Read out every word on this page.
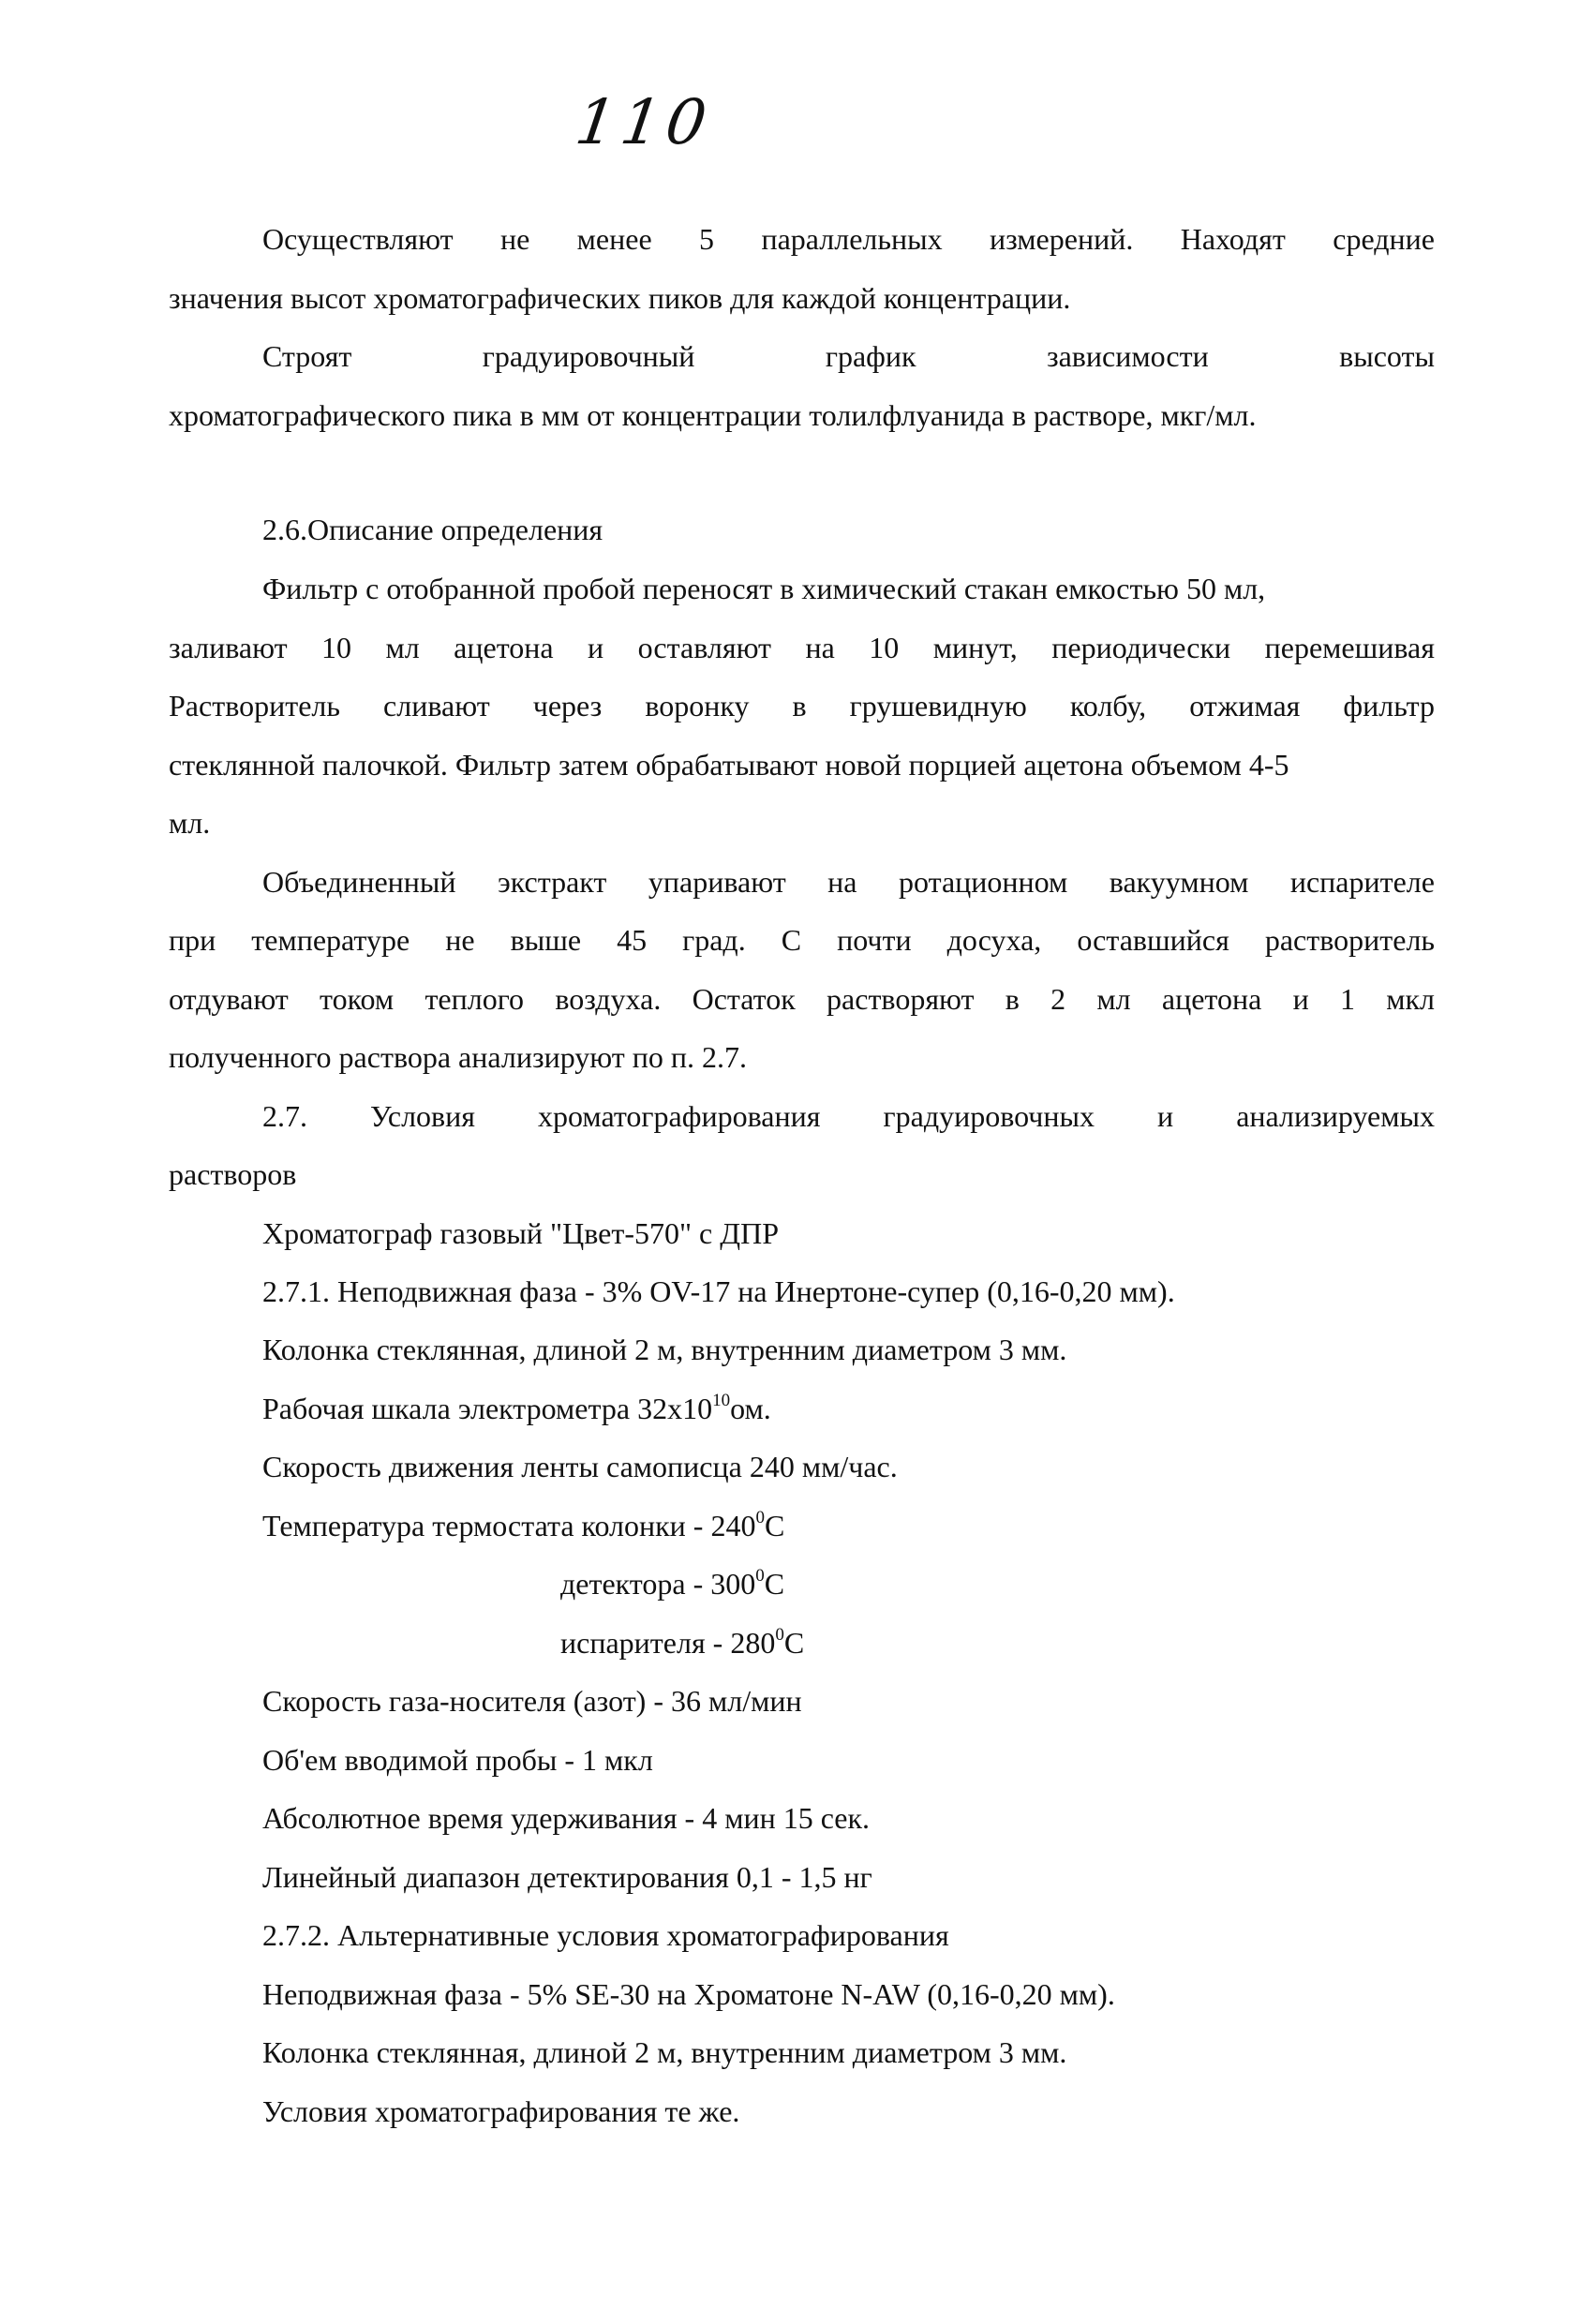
110
Осуществляют не менее 5 параллельных измерений. Находят средние
значения высот хроматографических пиков для каждой концентрации.
Строят	градуировочный	график	зависимости	высоты
хроматографического пика в мм от концентрации толилфлуанида в растворе, мкг/мл.
2.6.Описание определения
Фильтр с отобранной пробой переносят в химический стакан емкостью 50 мл,
заливают 10 мл ацетона и оставляют на 10 минут, периодически перемешивая
Растворитель сливают через воронку в грушевидную колбу, отжимая фильтр
стеклянной палочкой. Фильтр затем обрабатывают новой порцией ацетона объемом 4-5
мл.
Объединенный экстракт упаривают на ротационном вакуумном испарителе
при температуре не выше 45 град. С почти досуха, оставшийся растворитель
отдувают током теплого воздуха. Остаток растворяют в 2 мл ацетона и 1 мкл
полученного раствора анализируют по п. 2.7.
2.7. Условия хроматографирования градуировочных и анализируемых
растворов
Хроматограф газовый "Цвет-570" с ДПР
2.7.1. Неподвижная фаза - 3% OV-17 на Инертоне-супер (0,16-0,20 мм).
Колонка стеклянная, длиной 2 м, внутренним диаметром 3 мм.
Рабочая шкала электрометра $32х10^{10}ом$.
Скорость движения ленты самописца 240 мм/час.
Температура термостата колонки - $240^0С$
детектора - $300^0С$
испарителя - $280^0С$
Скорость газа-носителя (азот) - 36 мл/мин
Об'ем вводимой пробы - 1 мкл
Абсолютное время удерживания - 4 мин 15 сек.
Линейный диапазон детектирования 0,1 - 1,5 нг
2.7.2. Альтернативные условия хроматографирования
Неподвижная фаза - 5% SE-30 на Хроматоне N-AW (0,16-0,20 мм).
Колонка стеклянная, длиной 2 м, внутренним диаметром 3 мм.
Условия хроматографирования те же.
